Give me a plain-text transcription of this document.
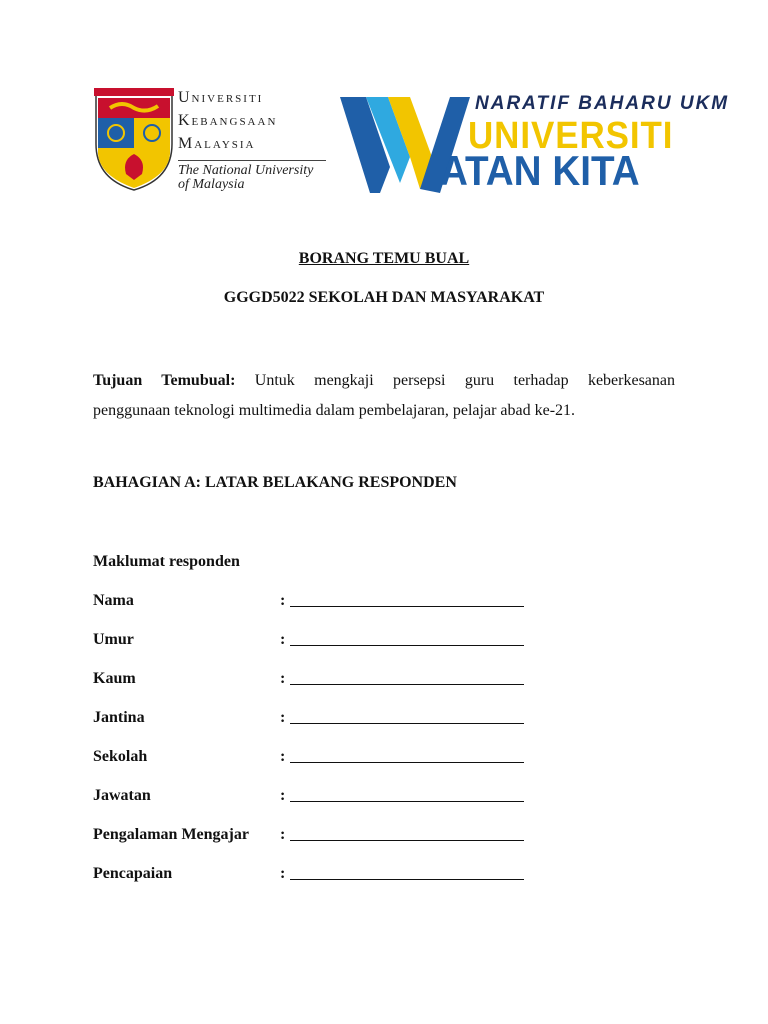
Universiti
Kebangsaan
Malaysia
The National University
of Malaysia
NARATIF BAHARU UKM
UNIVERSITI
ATAN KITA
BORANG TEMU BUAL
GGGD5022 SEKOLAH DAN MASYARAKAT
Tujuan Temubual: Untuk mengkaji persepsi guru terhadap keberkesanan
penggunaan teknologi multimedia dalam pembelajaran, pelajar abad ke-21.
BAHAGIAN A: LATAR BELAKANG RESPONDEN
Maklumat responden
Nama	:
Umur	:
Kaum	:
Jantina	:
Sekolah	:
Jawatan	:
Pengalaman Mengajar :
Pencapaian	:
